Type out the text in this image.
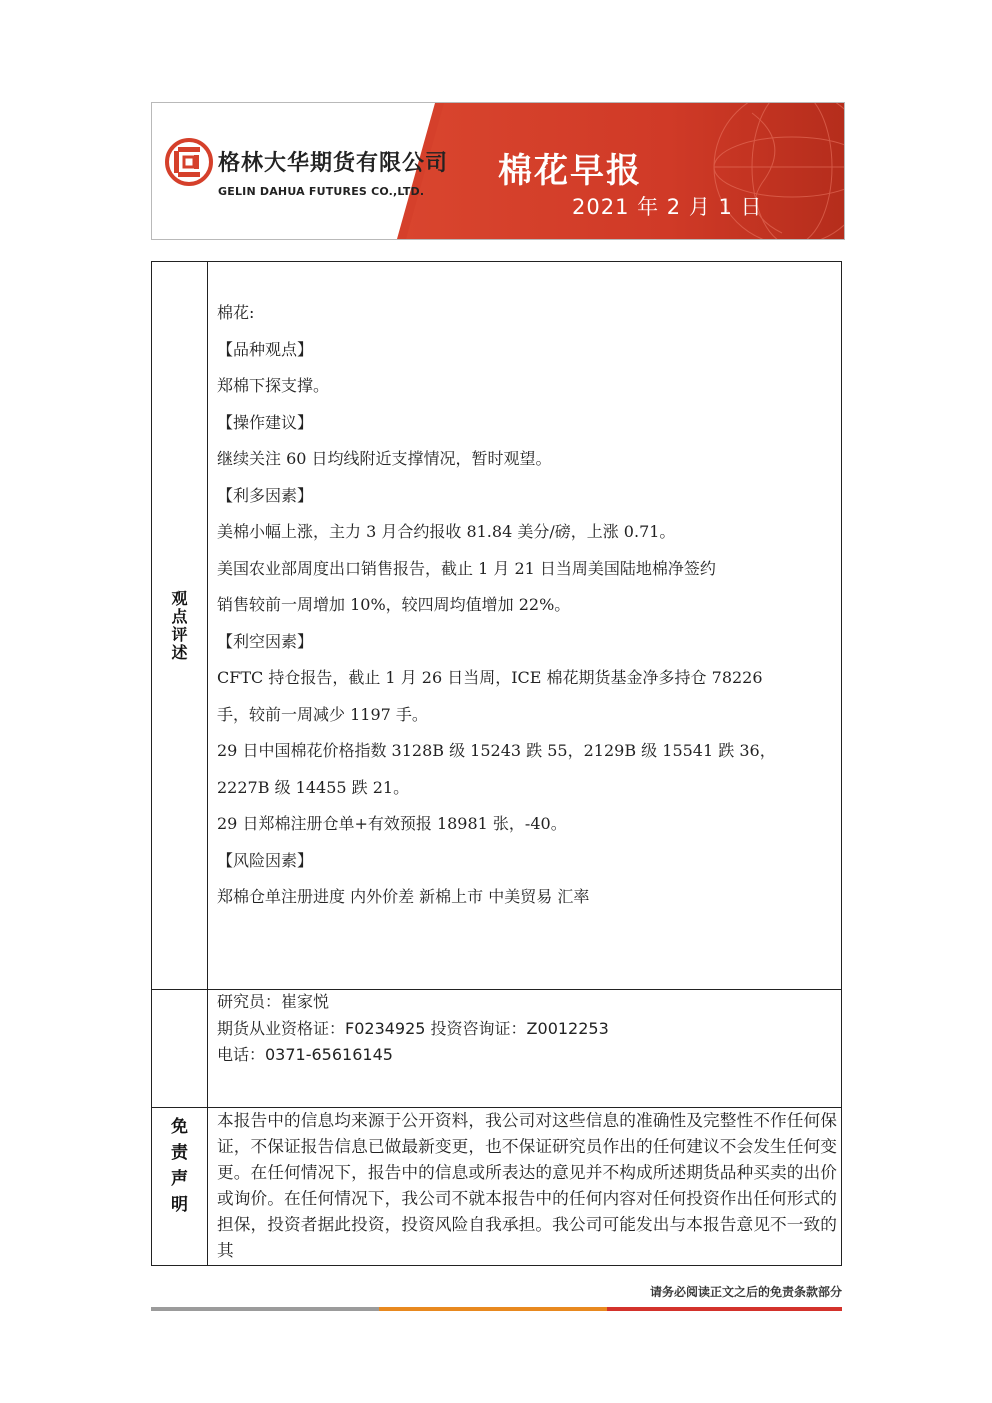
格林大华期货有限公司
GELIN DAHUA FUTURES CO.,LTD.
棉花早报
2021 年 2 月 1 日
观
点
评
述
棉花:
【品种观点】
郑棉下探支撑。
【操作建议】
继续关注 60 日均线附近支撑情况，暂时观望。
【利多因素】
美棉小幅上涨，主力 3 月合约报收 81.84 美分/磅，上涨 0.71。
美国农业部周度出口销售报告，截止 1 月 21 日当周美国陆地棉净签约
销售较前一周增加 10%，较四周均值增加 22%。
【利空因素】
CFTC 持仓报告，截止 1 月 26 日当周，ICE 棉花期货基金净多持仓 78226
手，较前一周减少 1197 手。
29 日中国棉花价格指数 3128B 级 15243 跌 55，2129B 级 15541 跌 36，
2227B 级 14455 跌 21。
29 日郑棉注册仓单+有效预报 18981 张，-40。
【风险因素】
郑棉仓单注册进度 内外价差 新棉上市 中美贸易 汇率
研究员：崔家悦
期货从业资格证：F0234925 投资咨询证：Z0012253
电话：0371-65616145
免
责
声
明
本报告中的信息均来源于公开资料，我公司对这些信息的准确性及完整性不作任何保证，不保证报告信息已做最新变更，也不保证研究员作出的任何建议不会发生任何变更。在任何情况下，报告中的信息或所表达的意见并不构成所述期货品种买卖的出价或询价。在任何情况下，我公司不就本报告中的任何内容对任何投资作出任何形式的担保，投资者据此投资，投资风险自我承担。我公司可能发出与本报告意见不一致的其
请务必阅读正文之后的免责条款部分
